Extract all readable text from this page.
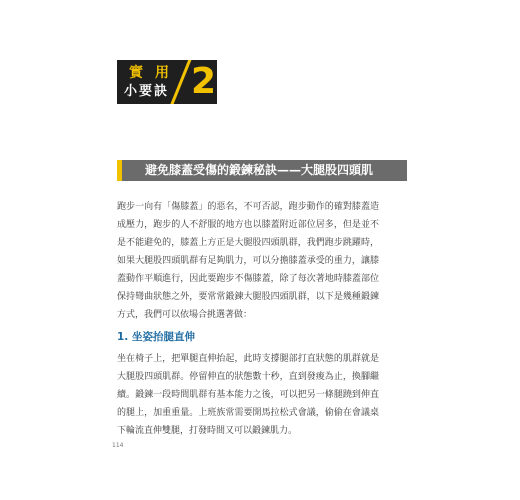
實用
小要訣 2
避免膝蓋受傷的鍛鍊秘訣——大腿股四頭肌

跑步一向有「傷膝蓋」的惡名，不可否認，跑步動作的確對膝蓋造成壓力，跑步的人不舒服的地方也以膝蓋附近部位居多，但是並不是不能避免的，膝蓋上方正是大腿股四頭肌群，我們跑步跳躍時，如果大腿股四頭肌群有足夠肌力，可以分擔膝蓋承受的重力，讓膝蓋動作平順進行，因此要跑步不傷膝蓋，除了每次著地時膝蓋部位保持彎曲狀態之外，要常常鍛鍊大腿股四頭肌群，以下是幾種鍛鍊方式，我們可以依場合挑選著做：

1. 坐姿抬腿直伸

坐在椅子上，把單腿直伸抬起，此時支撐腿部打直狀態的肌群就是大腿股四頭肌群。停留伸直的狀態數十秒，直到發痠為止，換腳繼續。鍛鍊一段時間肌群有基本能力之後，可以把另一條腿蹺到伸直的腿上，加重重量。上班族常需要開馬拉松式會議，偷偷在會議桌下輪流直伸雙腿，打發時間又可以鍛鍊肌力。

114
